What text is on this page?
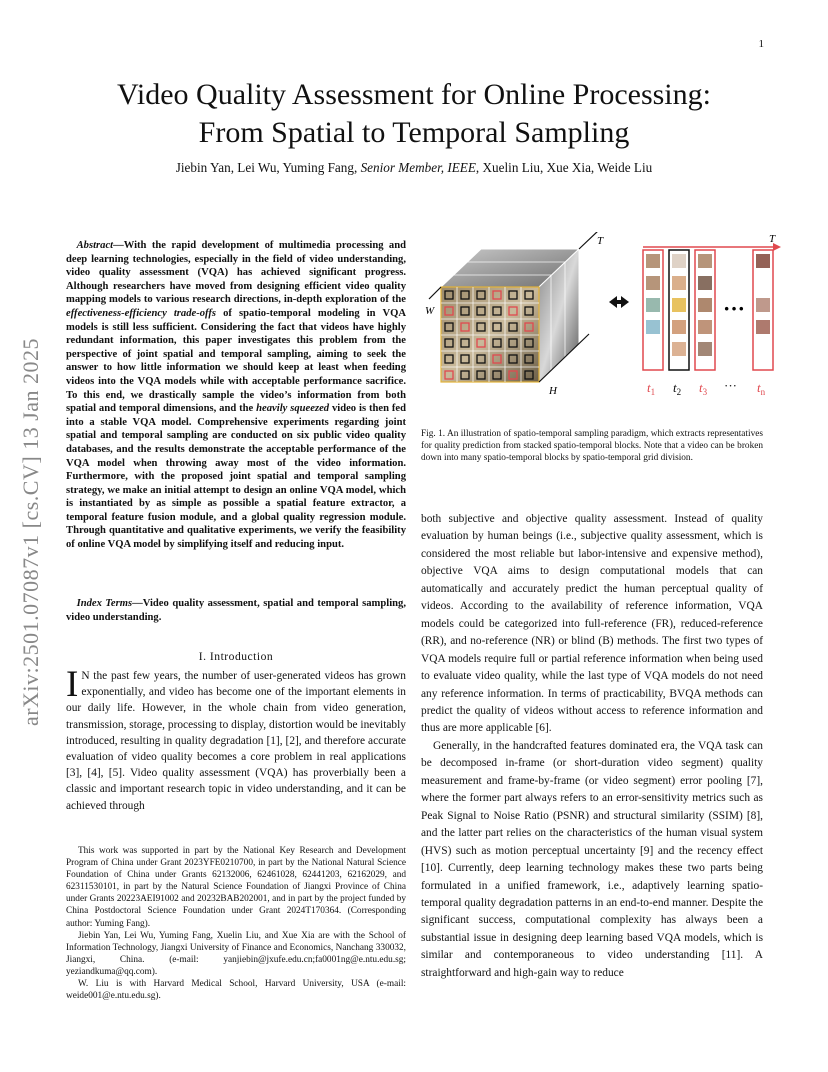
1
arXiv:2501.07087v1 [cs.CV] 13 Jan 2025
Video Quality Assessment for Online Processing:
From Spatial to Temporal Sampling
Jiebin Yan, Lei Wu, Yuming Fang, Senior Member, IEEE, Xuelin Liu, Xue Xia, Weide Liu
 Abstract—With the rapid development of multimedia processing and deep learning technologies, especially in the field of video understanding, video quality assessment (VQA) has achieved significant progress. Although researchers have moved from designing efficient video quality mapping models to various research directions, in-depth exploration of the effectiveness-efficiency trade-offs of spatio-temporal modeling in VQA models is still less sufficient. Considering the fact that videos have highly redundant information, this paper investigates this problem from the perspective of joint spatial and temporal sampling, aiming to seek the answer to how little information we should keep at least when feeding videos into the VQA models while with acceptable performance sacrifice. To this end, we drastically sample the video’s information from both spatial and temporal dimensions, and the heavily squeezed video is then fed into a stable VQA model. Comprehensive experiments regarding joint spatial and temporal sampling are conducted on six public video quality databases, and the results demonstrate the acceptable performance of the VQA model when throwing away most of the video information. Furthermore, with the proposed joint spatial and temporal sampling strategy, we make an initial attempt to design an online VQA model, which is instantiated by as simple as possible a spatial feature extractor, a temporal feature fusion module, and a global quality regression module. Through quantitative and qualitative experiments, we verify the feasibility of online VQA model by simplifying itself and reducing input.
 Index Terms—Video quality assessment, spatial and temporal sampling, video understanding.
I. Introduction
I N the past few years, the number of user-generated videos has grown exponentially, and video has become one of the important elements in our daily life. However, in the whole chain from video generation, transmission, storage, processing to display, distortion would be inevitably introduced, resulting in quality degradation [1], [2], and therefore accurate evaluation of video quality becomes a core problem in real applications [3], [4], [5]. Video quality assessment (VQA) has proverbially been a classic and important research topic in video understanding, and it can be achieved through

This work was supported in part by the National Key Research and Development Program of China under Grant 2023YFE0210700, in part by the National Natural Science Foundation of China under Grants 62132006, 62461028, 62441203, 62162029, and 62311530101, in part by the Natural Science Foundation of Jiangxi Province of China under Grants 20223AEI91002 and 20232BAB202001, and in part by the project funded by China Postdoctoral Science Foundation under Grant 2024T170364. (Corresponding author: Yuming Fang).

Jiebin Yan, Lei Wu, Yuming Fang, Xuelin Liu, and Xue Xia are with the School of Information Technology, Jiangxi University of Finance and Economics, Nanchang 330032, Jiangxi, China. (e-mail: yanjiebin@jxufe.edu.cn;fa0001ng@e.ntu.edu.sg; yeziandkuma@qq.com).

W. Liu is with Harvard Medical School, Harvard University, USA (e-mail: weide001@e.ntu.edu.sg).

T
W
H
···
T
$t_1$ $t_2$ $t_3$ ··· $t_n$
Fig. 1. An illustration of spatio-temporal sampling paradigm, which extracts representatives for quality prediction from stacked spatio-temporal blocks. Note that a video can be broken down into many spatio-temporal blocks by spatio-temporal grid division.

both subjective and objective quality assessment. Instead of quality evaluation by human beings (i.e., subjective quality assessment, which is considered the most reliable but labor-intensive and expensive method), objective VQA aims to design computational models that can automatically and accurately predict the human perceptual quality of videos. According to the availability of reference information, VQA models could be categorized into full-reference (FR), reduced-reference (RR), and no-reference (NR) or blind (B) methods. The first two types of VQA models require full or partial reference information when being used to evaluate video quality, while the last type of VQA models do not need any reference information. In terms of practicability, BVQA methods can predict the quality of videos without access to reference information and thus are more applicable [6].

Generally, in the handcrafted features dominated era, the VQA task can be decomposed in-frame (or short-duration video segment) quality measurement and frame-by-frame (or video segment) error pooling [7], where the former part always refers to an error-sensitivity metrics such as Peak Signal to Noise Ratio (PSNR) and structural similarity (SSIM) [8], and the latter part relies on the characteristics of the human visual system (HVS) such as motion perceptual uncertainty [9] and the recency effect [10]. Currently, deep learning technology makes these two parts being formulated in a unified framework, i.e., adaptively learning spatio-temporal quality degradation patterns in an end-to-end manner. Despite the significant success, computational complexity has always been a substantial issue in designing deep learning based VQA models, which is similar and contemporaneous to video understanding [11]. A straightforward and high-gain way to reduce
